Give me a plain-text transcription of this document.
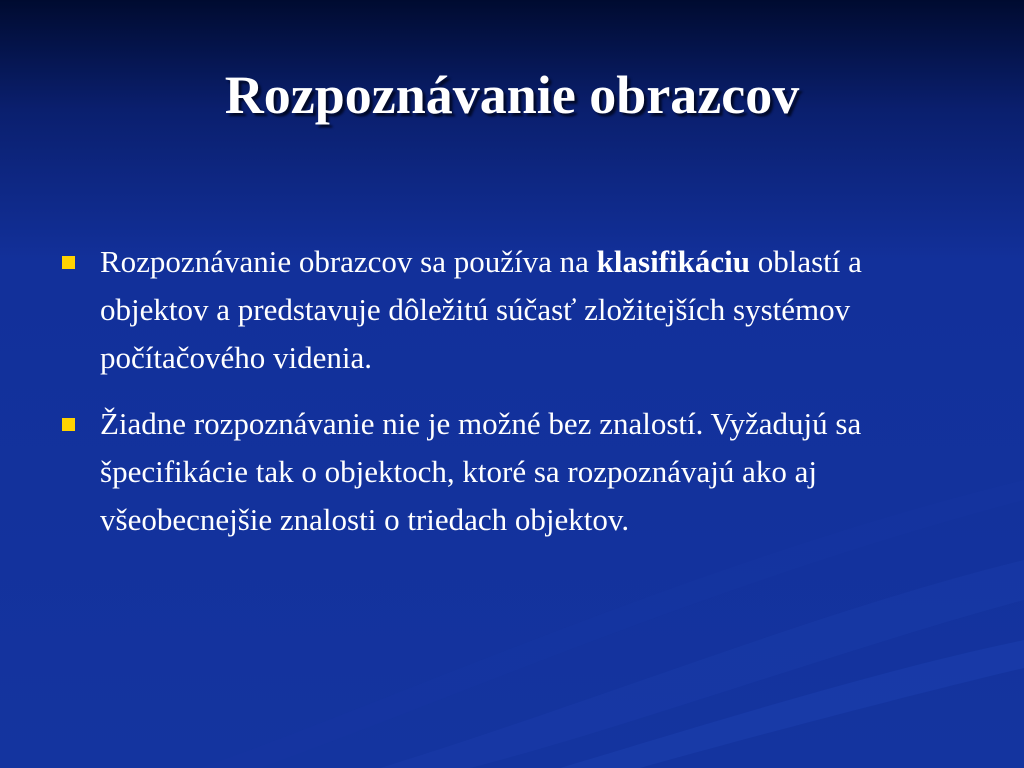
Rozpoznávanie obrazcov
Rozpoznávanie obrazcov sa používa na klasifikáciu oblastí a objektov a predstavuje dôležitú súčasť zložitejších systémov počítačového videnia.
Žiadne rozpoznávanie nie je možné bez znalostí. Vyžadujú sa špecifikácie tak o objektoch, ktoré sa rozpoznávajú ako aj všeobecnejšie znalosti o triedach objektov.
